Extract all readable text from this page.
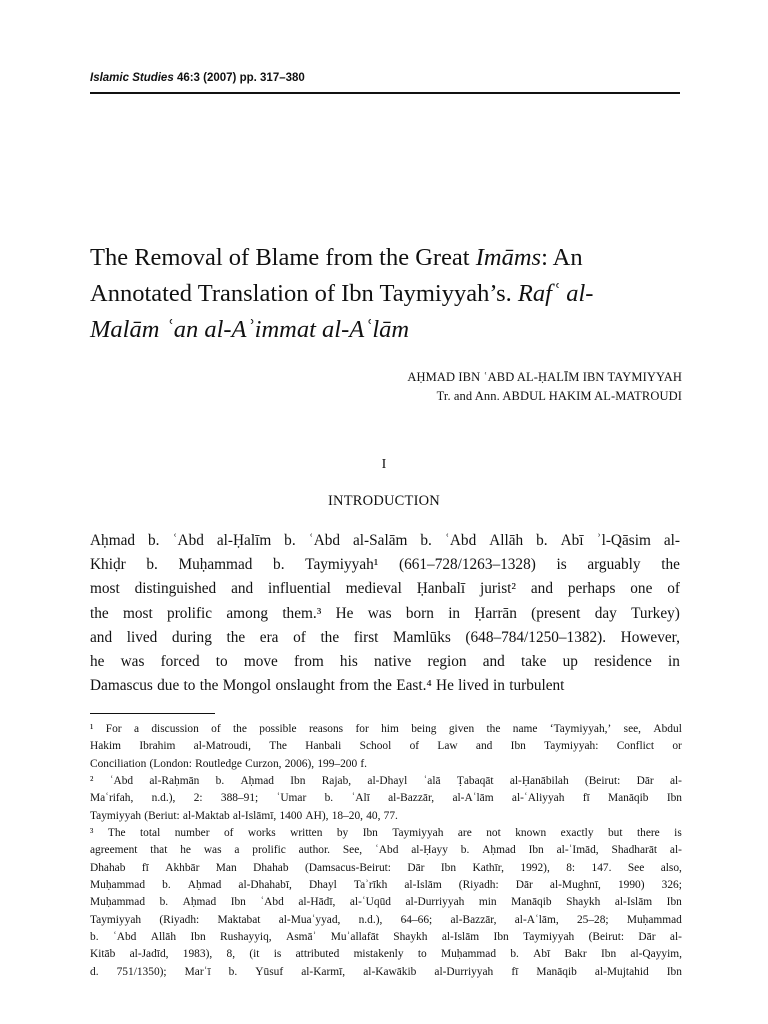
Islamic Studies 46:3 (2007) pp. 317–380
The Removal of Blame from the Great Imāms: An
Annotated Translation of Ibn Taymiyyah’s. Rafʿ al-
Malām ʿan al-Aʾimmat al-Aʿlām
AḤMAD IBN ʿABD AL-ḤALĪM IBN TAYMIYYAH
Tr. and Ann. ABDUL HAKIM AL-MATROUDI
I
INTRODUCTION
Aḥmad b. ʿAbd al-Ḥalīm b. ʿAbd al-Salām b. ʿAbd Allāh b. Abī ʾl-Qāsim al-
Khiḍr b. Muḥammad b. Taymiyyah¹ (661–728/1263–1328) is arguably the
most distinguished and influential medieval Ḥanbalī jurist² and perhaps one of
the most prolific among them.³ He was born in Ḥarrān (present day Turkey)
and lived during the era of the first Mamlūks (648–784/1250–1382). However,
he was forced to move from his native region and take up residence in
Damascus due to the Mongol onslaught from the East.⁴ He lived in turbulent
¹ For a discussion of the possible reasons for him being given the name ‘Taymiyyah,’ see, Abdul
Hakim Ibrahim al-Matroudi, The Hanbali School of Law and Ibn Taymiyyah: Conflict or
Conciliation (London: Routledge Curzon, 2006), 199–200 f.
² ʿAbd al-Raḥmān b. Aḥmad Ibn Rajab, al-Dhayl ʿalā Ṭabaqāt al-Ḥanābilah (Beirut: Dār al-
Maʿrifah, n.d.), 2: 388–91; ʿUmar b. ʿAlī al-Bazzār, al-Aʿlām al-ʿAliyyah fī Manāqib Ibn
Taymiyyah (Beriut: al-Maktab al-Islāmī, 1400 AH), 18–20, 40, 77.
³ The total number of works written by Ibn Taymiyyah are not known exactly but there is
agreement that he was a prolific author. See, ʿAbd al-Ḥayy b. Aḥmad Ibn al-ʿImād, Shadharāt al-
Dhahab fī Akhbār Man Dhahab (Damsacus-Beirut: Dār Ibn Kathīr, 1992), 8: 147. See also,
Muḥammad b. Aḥmad al-Dhahabī, Dhayl Taʾrīkh al-Islām (Riyadh: Dār al-Mughnī, 1990) 326;
Muḥammad b. Aḥmad Ibn ʿAbd al-Hādī, al-ʿUqūd al-Durriyyah min Manāqib Shaykh al-Islām Ibn
Taymiyyah (Riyadh: Maktabat al-Muaʿyyad, n.d.), 64–66; al-Bazzār, al-Aʿlām, 25–28; Muḥammad
b. ʿAbd Allāh Ibn Rushayyiq, Asmāʾ Muʾallafāt Shaykh al-Islām Ibn Taymiyyah (Beirut: Dār al-
Kitāb al-Jadīd, 1983), 8, (it is attributed mistakenly to Muḥammad b. Abī Bakr Ibn al-Qayyim,
d. 751/1350); Marʿī b. Yūsuf al-Karmī, al-Kawākib al-Durriyyah fī Manāqib al-Mujtahid Ibn
